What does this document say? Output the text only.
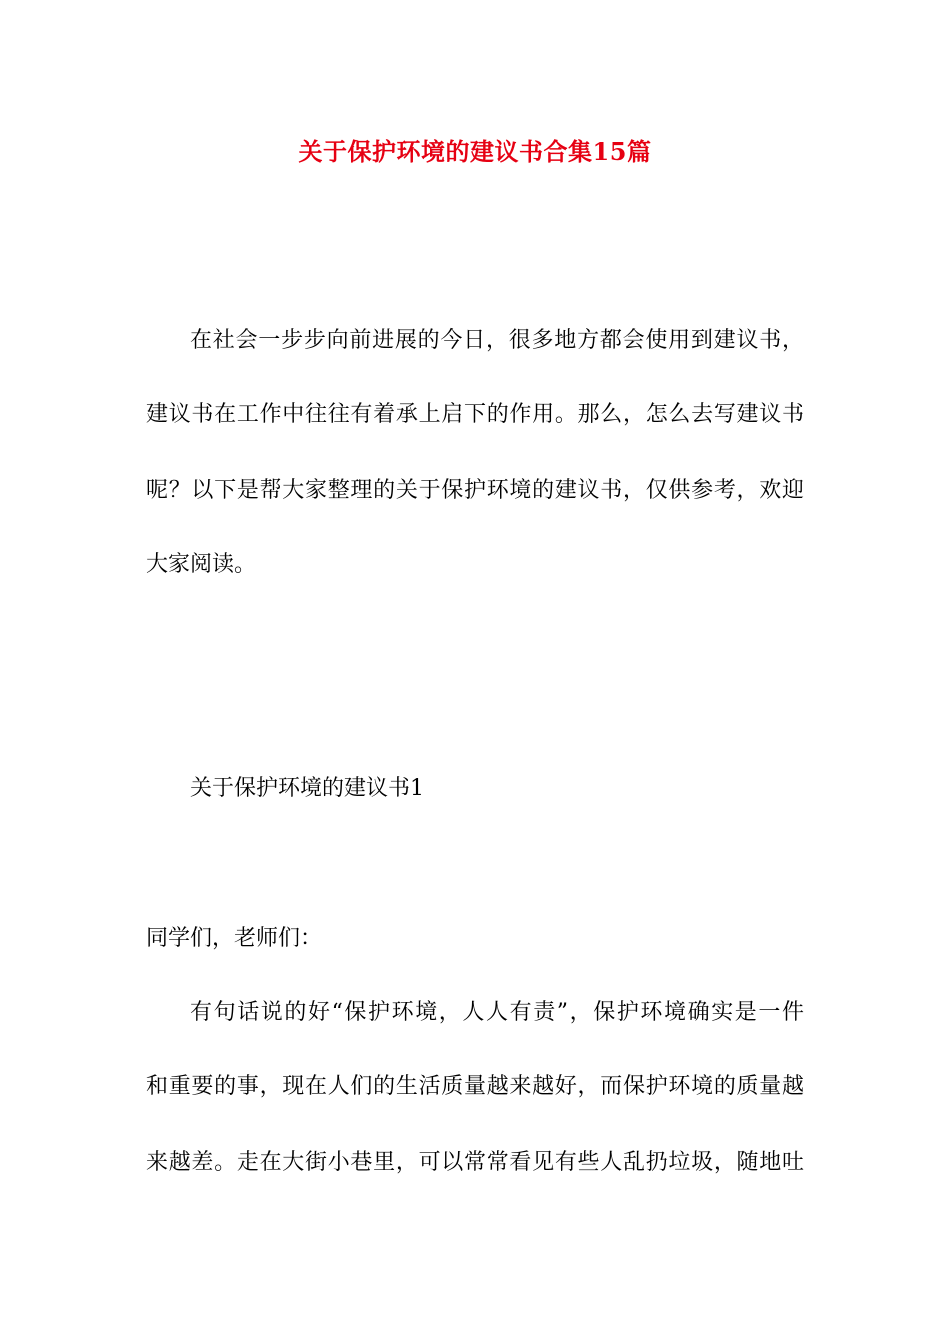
关于保护环境的建议书合集15篇
在社会一步步向前进展的今日，很多地方都会使用到建议书，
建议书在工作中往往有着承上启下的作用。那么，怎么去写建议书
呢？以下是帮大家整理的关于保护环境的建议书，仅供参考，欢迎
大家阅读。
关于保护环境的建议书1
同学们，老师们：
有句话说的好“保护环境，人人有责”，保护环境确实是一件
和重要的事，现在人们的生活质量越来越好，而保护环境的质量越
来越差。走在大街小巷里，可以常常看见有些人乱扔垃圾，随地吐
